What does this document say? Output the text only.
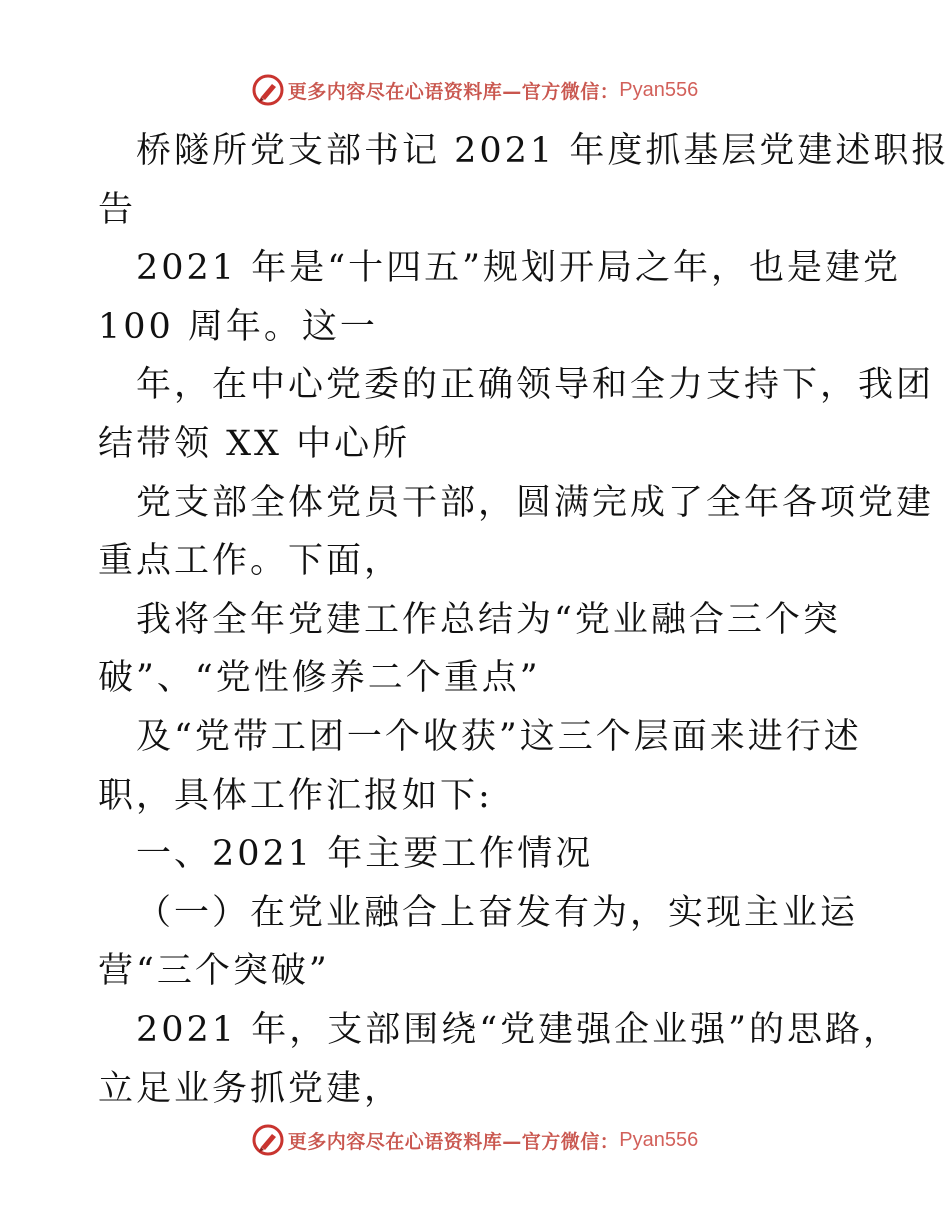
更多内容尽在心语资料库—官方微信： Pyan556
桥隧所党支部书记 2021 年度抓基层党建述职报
告
2021 年是“十四五”规划开局之年，也是建党
100 周年。这一
年，在中心党委的正确领导和全力支持下，我团
结带领 XX 中心所
党支部全体党员干部，圆满完成了全年各项党建
重点工作。下面，
我将全年党建工作总结为“党业融合三个突
破”、“党性修养二个重点”
及“党带工团一个收获”这三个层面来进行述
职，具体工作汇报如下:
一、2021 年主要工作情况
（一）在党业融合上奋发有为，实现主业运
营“三个突破”
2021 年，支部围绕“党建强企业强”的思路，
立足业务抓党建，
更多内容尽在心语资料库—官方微信： Pyan556
